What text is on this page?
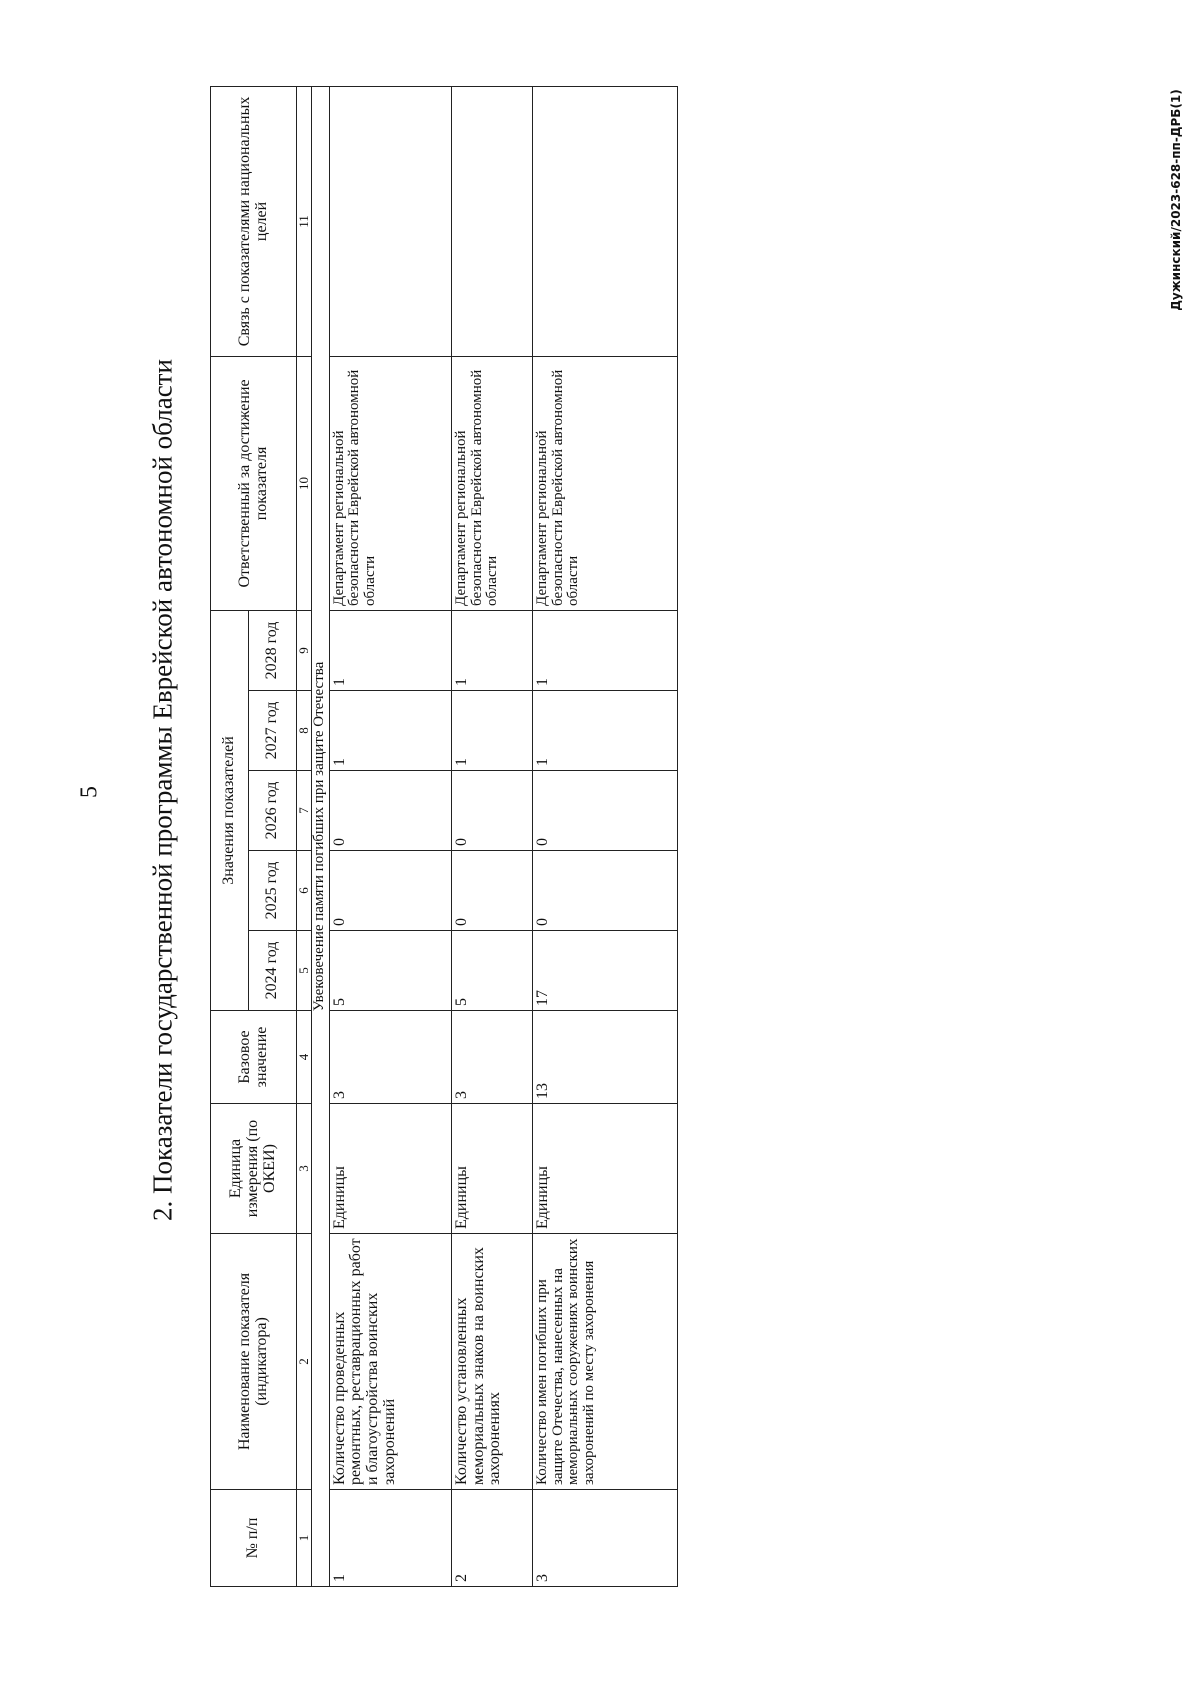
5 2. Показатели государственной программы Еврейской автономной области
Дужинский/2023-628-пп-ДРБ(1)
№ п/п	Наименование показателя (индикатора)	Единица измерения (по ОКЕИ)	Базовое значение	Значения показателей					Ответственный за достижение показателя	Связь с показателями национальных целей
				2024 год	2025 год	2026 год	2027 год	2028 год		
1	2	3	4	5	6	7	8	9	10	11
Увековечение памяти погибших при защите Отечества										
1	Количество проведенных ремонтных, реставрационных работ и благоустройства воинских захоронений	Единицы	3	5	0	0	1	1	Департамент региональной безопасности Еврейской автономной области	
2	Количество установленных мемориальных знаков на воинских захоронениях	Единицы	3	5	0	0	1	1	Департамент региональной безопасности Еврейской автономной области	
3	Количество имен погибших при защите Отечества, нанесенных на мемориальных сооружениях воинских захоронений по месту захоронения	Единицы	13	17	0	0	1	1	Департамент региональной безопасности Еврейской автономной области	
